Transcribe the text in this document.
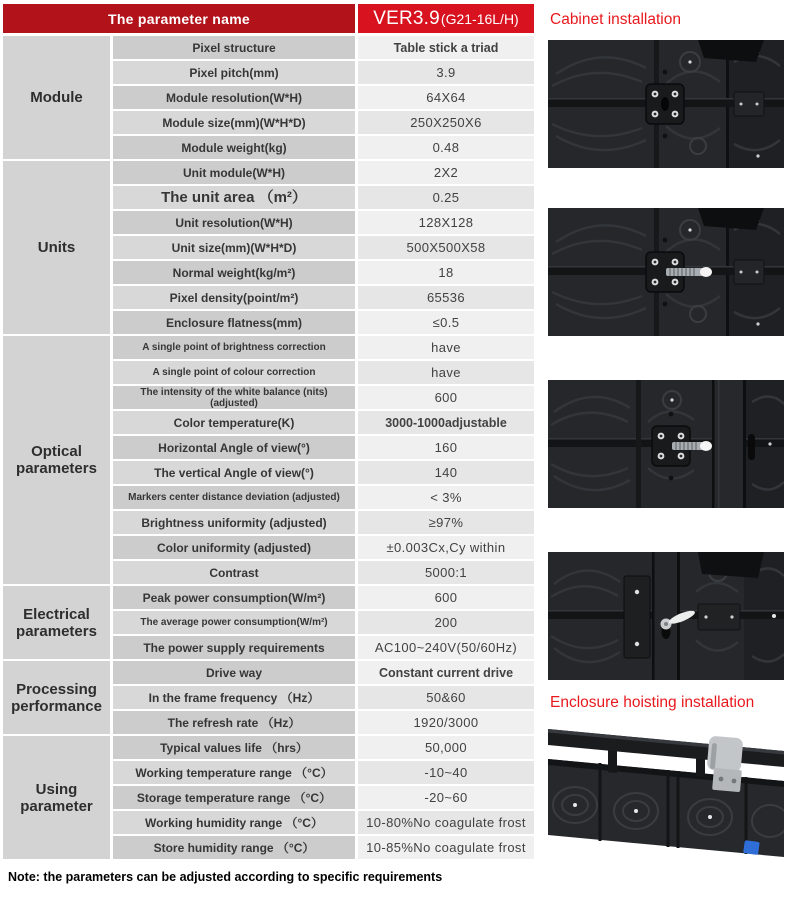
The parameter name	VER3.9 (G21-16L/H)
Module
Pixel structure	Table stick a triad
Pixel pitch(mm)	3.9
Module resolution(W*H)	64X64
Module size(mm)(W*H*D)	250X250X6
Module weight(kg)	0.48
Units
Unit module(W*H)	2X2
The unit area （m²）	0.25
Unit resolution(W*H)	128X128
Unit size(mm)(W*H*D)	500X500X58
Normal weight(kg/m²)	18
Pixel density(point/m²)	65536
Enclosure flatness(mm)	≤0.5
Optical parameters
A single point of brightness correction	have
A single point of colour correction	have
The intensity of the white balance (nits) (adjusted)	600
Color temperature(K)	3000-1000adjustable
Horizontal Angle of view(°)	160
The vertical Angle of view(°)	140
Markers center distance deviation (adjusted)	< 3%
Brightness uniformity (adjusted)	≥97%
Color uniformity (adjusted)	±0.003Cx,Cy within
Contrast	5000:1
Electrical parameters
Peak power consumption(W/m²)	600
The average power consumption(W/m²)	200
The power supply requirements	AC100~240V(50/60Hz)
Processing performance
Drive way	Constant current drive
In the frame frequency （Hz）	50&60
The refresh rate （Hz）	1920/3000
Using parameter
Typical values life （hrs）	50,000
Working temperature range （°C）	-10~40
Storage temperature range （°C）	-20~60
Working humidity range （°C）	10-80%No coagulate frost
Store humidity range （°C）	10-85%No coagulate frost
Note: the parameters can be adjusted according to specific requirements
Cabinet installation
Enclosure hoisting installation
